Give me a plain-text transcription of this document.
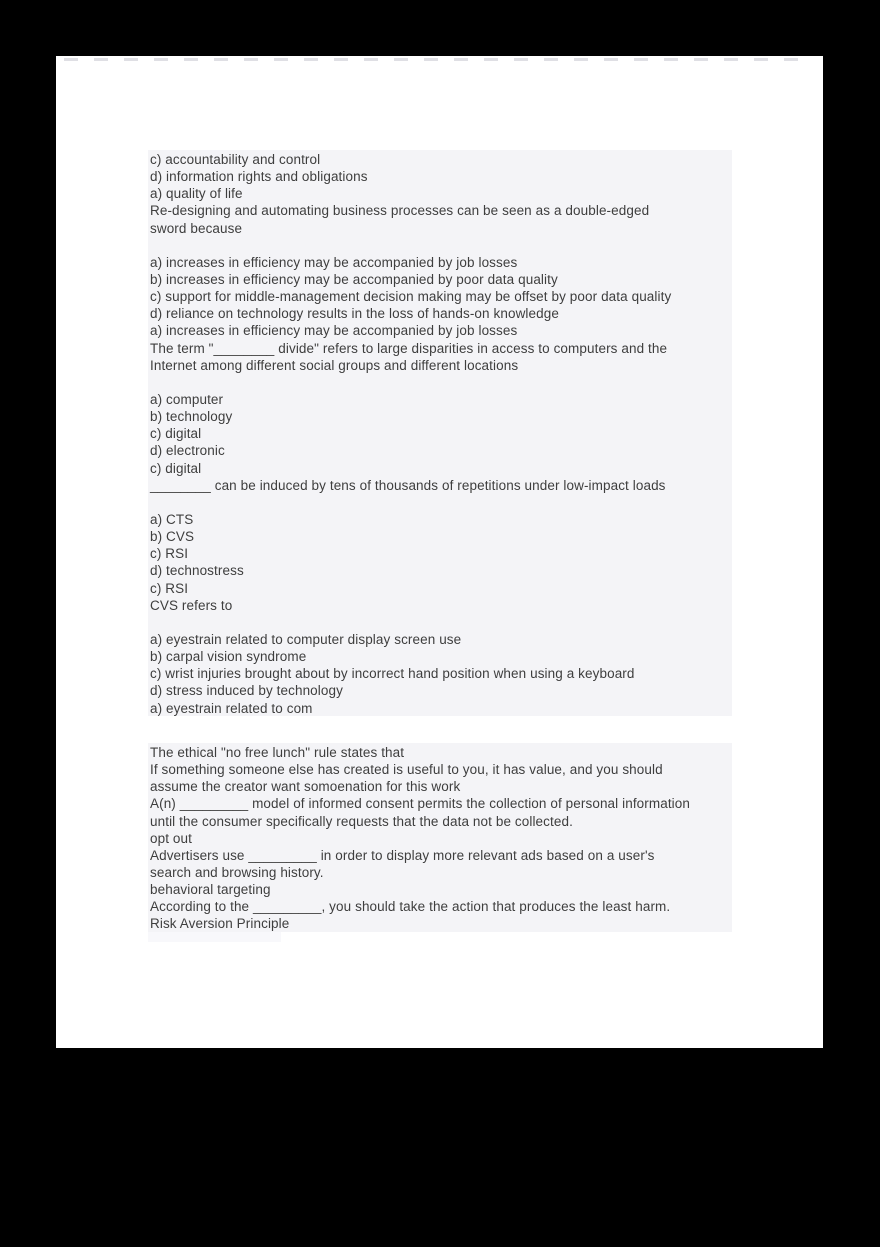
c) accountability and control
d) information rights and obligations
a) quality of life
Re-designing and automating business processes can be seen as a double-edged
sword because
a) increases in efficiency may be accompanied by job losses
b) increases in efficiency may be accompanied by poor data quality
c) support for middle-management decision making may be offset by poor data quality
d) reliance on technology results in the loss of hands-on knowledge
a) increases in efficiency may be accompanied by job losses
The term "________ divide" refers to large disparities in access to computers and the
Internet among different social groups and different locations
a) computer
b) technology
c) digital
d) electronic
c) digital
________ can be induced by tens of thousands of repetitions under low-impact loads
a) CTS
b) CVS
c) RSI
d) technostress
c) RSI
CVS refers to
a) eyestrain related to computer display screen use
b) carpal vision syndrome
c) wrist injuries brought about by incorrect hand position when using a keyboard
d) stress induced by technology
a) eyestrain related to com
The ethical "no free lunch" rule states that
If something someone else has created is useful to you, it has value, and you should
assume the creator want somoenation for this work
A(n) _________ model of informed consent permits the collection of personal information
until the consumer specifically requests that the data not be collected.
opt out
Advertisers use _________ in order to display more relevant ads based on a user's
search and browsing history.
behavioral targeting
According to the _________, you should take the action that produces the least harm.
Risk Aversion Principle
